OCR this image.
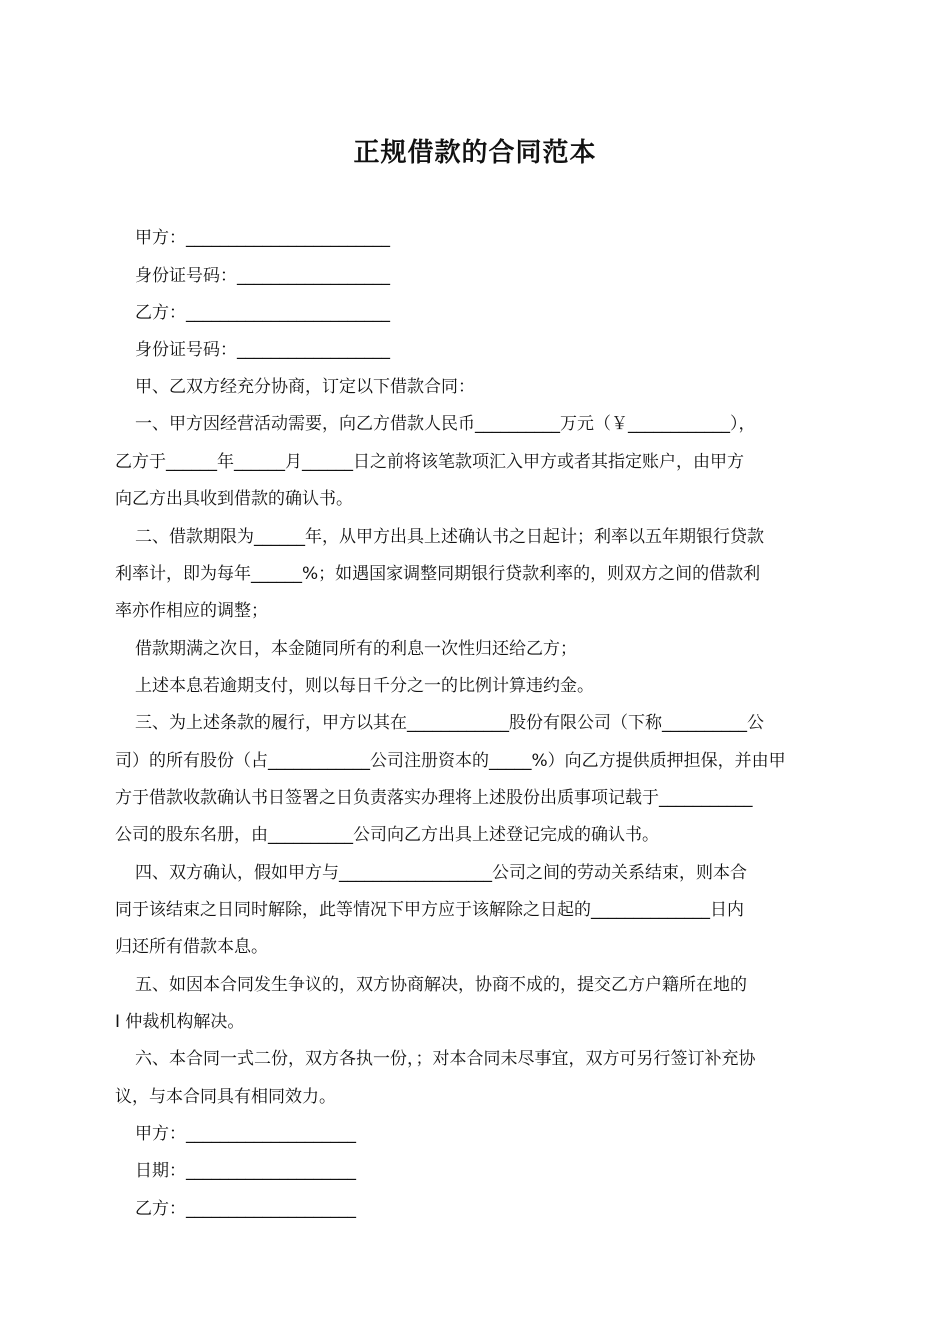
正规借款的合同范本
甲方：________________________
身份证号码：__________________
乙方：________________________
身份证号码：__________________
甲、乙双方经充分协商，订定以下借款合同：
一、甲方因经营活动需要，向乙方借款人民币__________万元（￥____________），
乙方于______年______月______日之前将该笔款项汇入甲方或者其指定账户，由甲方
向乙方出具收到借款的确认书。
二、借款期限为______年，从甲方出具上述确认书之日起计；利率以五年期银行贷款
利率计，即为每年______%；如遇国家调整同期银行贷款利率的，则双方之间的借款利
率亦作相应的调整；
借款期满之次日，本金随同所有的利息一次性归还给乙方；
上述本息若逾期支付，则以每日千分之一的比例计算违约金。
三、为上述条款的履行，甲方以其在____________股份有限公司（下称__________公
司）的所有股份（占____________公司注册资本的_____%）向乙方提供质押担保，并由甲
方于借款收款确认书日签署之日负责落实办理将上述股份出质事项记载于___________
公司的股东名册，由__________公司向乙方出具上述登记完成的确认书。
四、双方确认，假如甲方与__________________公司之间的劳动关系结束，则本合
同于该结束之日同时解除，此等情况下甲方应于该解除之日起的______________日内
归还所有借款本息。
五、如因本合同发生争议的，双方协商解决，协商不成的，提交乙方户籍所在地的
I 仲裁机构解决。
六、本合同一式二份，双方各执一份，；对本合同未尽事宜，双方可另行签订补充协
议，与本合同具有相同效力。
甲方：____________________
日期：____________________
乙方：____________________
